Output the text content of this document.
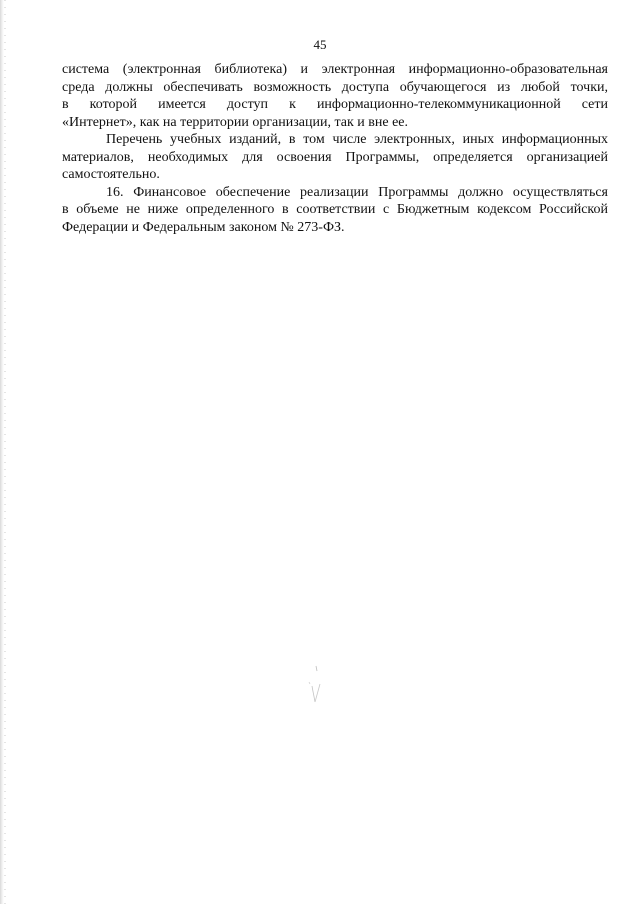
45

система (электронная библиотека) и электронная информационно-образовательная
среда должны обеспечивать возможность доступа обучающегося из любой точки,
в которой имеется доступ к информационно-телекоммуникационной сети
«Интернет», как на территории организации, так и вне ее.

Перечень учебных изданий, в том числе электронных, иных информационных
материалов, необходимых для освоения Программы, определяется организацией
самостоятельно.

16. Финансовое обеспечение реализации Программы должно осуществляться
в объеме не ниже определенного в соответствии с Бюджетным кодексом Российской
Федерации и Федеральным законом № 273-ФЗ.
